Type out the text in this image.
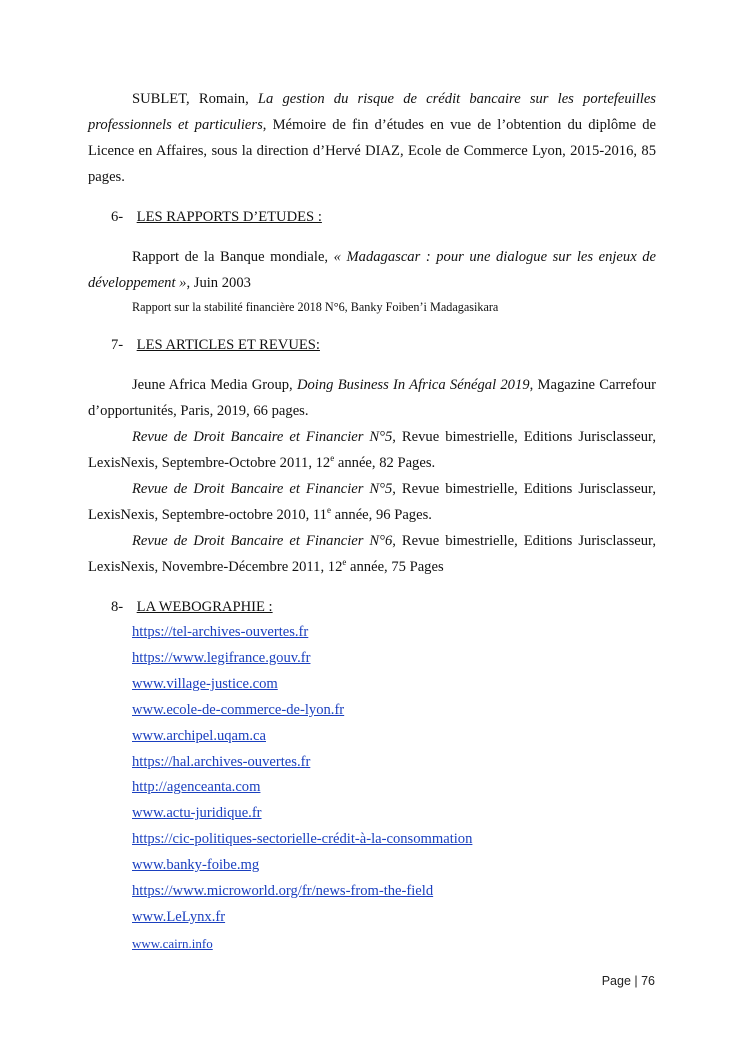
SUBLET, Romain, La gestion du risque de crédit bancaire sur les portefeuilles professionnels et particuliers, Mémoire de fin d’études en vue de l’obtention du diplôme de Licence en Affaires, sous la direction d’Hervé DIAZ, Ecole de Commerce Lyon, 2015-2016, 85 pages.

6- LES RAPPORTS D’ETUDES :

Rapport de la Banque mondiale, « Madagascar : pour une dialogue sur les enjeux de développement », Juin 2003

Rapport sur la stabilité financière 2018 N°6, Banky Foiben’i Madagasikara

7- LES ARTICLES ET REVUES:

Jeune Africa Media Group, Doing Business In Africa Sénégal 2019, Magazine Carrefour d’opportunités, Paris, 2019, 66 pages.

Revue de Droit Bancaire et Financier N°5, Revue bimestrielle, Editions Jurisclasseur, LexisNexis, Septembre-Octobre 2011, 12e année, 82 Pages.

Revue de Droit Bancaire et Financier N°5, Revue bimestrielle, Editions Jurisclasseur, LexisNexis, Septembre-octobre 2010, 11e année, 96 Pages.

Revue de Droit Bancaire et Financier N°6, Revue bimestrielle, Editions Jurisclasseur, LexisNexis, Novembre-Décembre 2011, 12e année, 75 Pages

8- LA WEBOGRAPHIE :

https://tel-archives-ouvertes.fr
https://www.legifrance.gouv.fr
www.village-justice.com
www.ecole-de-commerce-de-lyon.fr
www.archipel.uqam.ca
https://hal.archives-ouvertes.fr
http://agenceanta.com
www.actu-juridique.fr
https://cic-politiques-sectorielle-crédit-à-la-consommation
www.banky-foibe.mg
https://www.microworld.org/fr/news-from-the-field
www.LeLynx.fr
www.cairn.info
Page | 76
